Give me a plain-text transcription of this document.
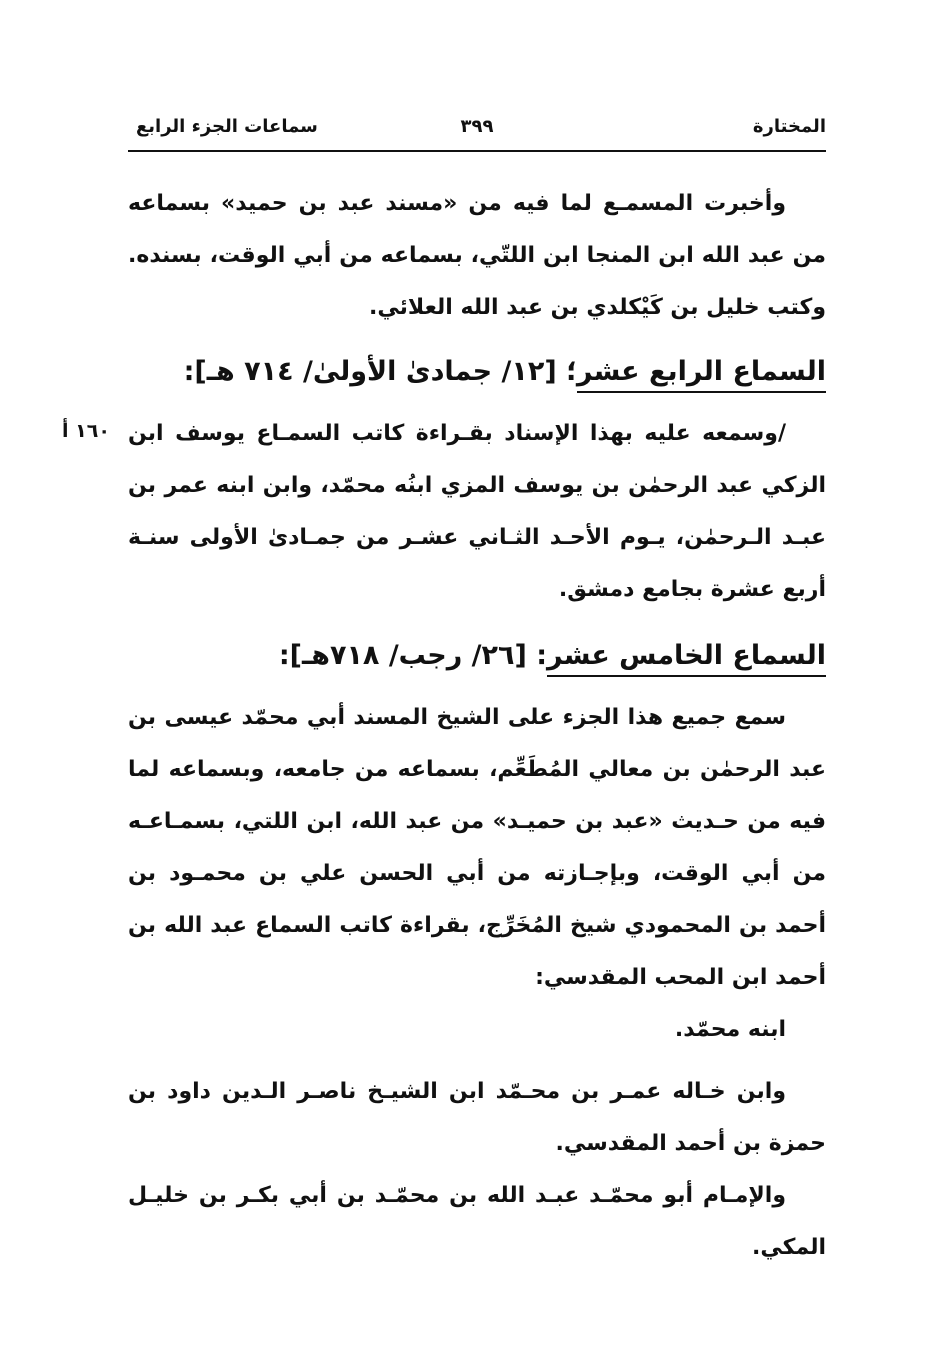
المختارة
٣٩٩
سماعات الجزء الرابع
١٦٠ أ

وأخبرت المسمـع لما فيه من «مسند عبد بن حميد» بسماعه من عبد الله ابن المنجا ابن اللتّي، بسماعه من أبي الوقت، بسنده. وكتب خليل بن كَيْكلدي بن عبد الله العلائي.

السماع الرابع عشر؛ [١٢/ جمادىٰ الأولىٰ/ ٧١٤ هـ]:

/وسمعه عليه بهذا الإسناد بقـراءة كاتب السمـاع يوسف ابن الزكي عبد الرحمٰن بن يوسف المزي ابنُه محمّد، وابن ابنه عمر بن عبـد الـرحمٰن، يـوم الأحـد الثـاني عشـر من جمـادىٰ الأولى سنـة أربع عشرة بجامع دمشق.

السماع الخامس عشر: [٢٦/ رجب/ ٧١٨هـ]:

سمع جميع هذا الجزء على الشيخ المسند أبي محمّد عيسى بن عبد الرحمٰن بن معالي المُطَعِّم، بسماعه من جامعه، وبسماعه لما فيه من حـديث «عبد بن حميـد» من عبد الله، ابن اللتي، بسمـاعـه من أبي الوقت، وبإجـازته من أبي الحسن علي بن محمـود بن أحمد بن المحمودي شيخ المُخَرِّج، بقراءة كاتب السماع عبد الله بن أحمد ابن المحب المقدسي:

ابنه محمّد.

وابن خـاله عمـر بن محـمّد ابن الشيـخ ناصـر الـدين داود بن حمزة بن أحمد المقدسي.

والإمـام أبو محمّـد عبـد الله بن محمّـد بن أبي بكـر بن خليـل المكي.
